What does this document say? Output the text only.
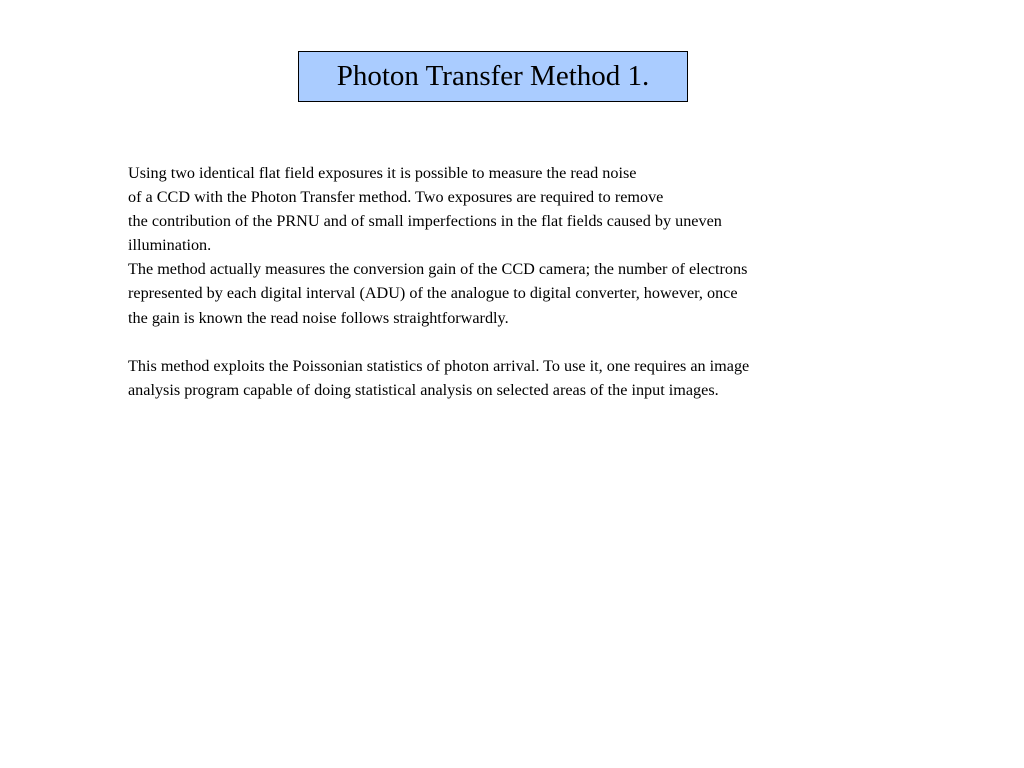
Photon Transfer Method 1.
Using two identical flat field exposures it is possible to measure the read noise
of a CCD with the Photon Transfer method. Two exposures are required to remove
the contribution of the PRNU and of small imperfections in the flat fields caused by uneven
illumination.
The method actually measures the conversion gain of the CCD camera; the number of electrons
represented by each digital interval (ADU) of the analogue to digital converter, however, once
the gain is known the read noise follows straightforwardly.
This method exploits the Poissonian statistics of photon arrival. To use it, one requires an image
analysis program capable of doing statistical analysis on selected areas of the input images.
